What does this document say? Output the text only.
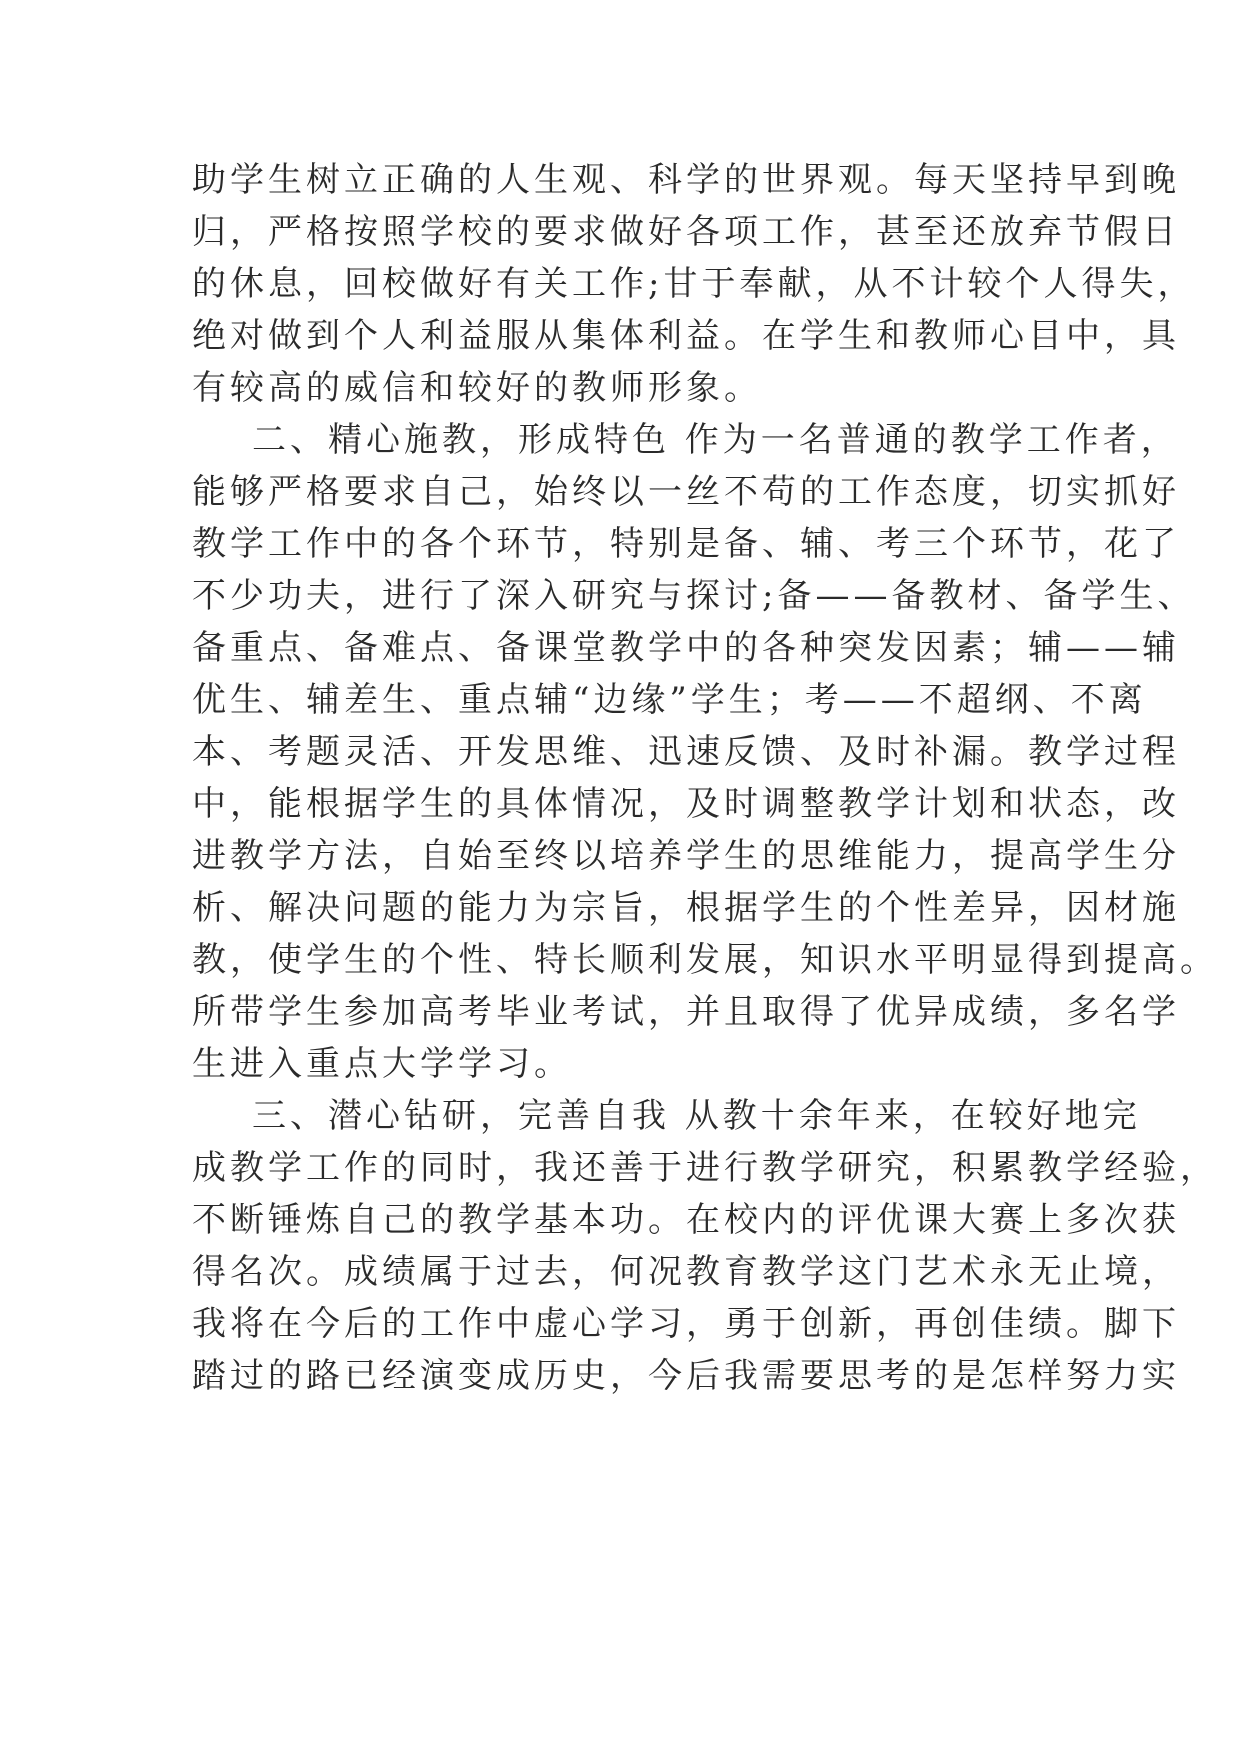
助学生树立正确的人生观、科学的世界观。每天坚持早到晚
归，严格按照学校的要求做好各项工作，甚至还放弃节假日
的休息，回校做好有关工作;甘于奉献，从不计较个人得失，
绝对做到个人利益服从集体利益。在学生和教师心目中，具
有较高的威信和较好的教师形象。
二、精心施教，形成特色 作为一名普通的教学工作者，
能够严格要求自己，始终以一丝不苟的工作态度，切实抓好
教学工作中的各个环节，特别是备、辅、考三个环节，花了
不少功夫，进行了深入研究与探讨;备——备教材、备学生、
备重点、备难点、备课堂教学中的各种突发因素；辅——辅
优生、辅差生、重点辅“边缘”学生；考——不超纲、不离
本、考题灵活、开发思维、迅速反馈、及时补漏。教学过程
中，能根据学生的具体情况，及时调整教学计划和状态，改
进教学方法，自始至终以培养学生的思维能力，提高学生分
析、解决问题的能力为宗旨，根据学生的个性差异，因材施
教，使学生的个性、特长顺利发展，知识水平明显得到提高。
所带学生参加高考毕业考试，并且取得了优异成绩，多名学
生进入重点大学学习。
三、潜心钻研，完善自我 从教十余年来，在较好地完
成教学工作的同时，我还善于进行教学研究，积累教学经验，
不断锤炼自己的教学基本功。在校内的评优课大赛上多次获
得名次。成绩属于过去，何况教育教学这门艺术永无止境，
我将在今后的工作中虚心学习，勇于创新，再创佳绩。脚下
踏过的路已经演变成历史，今后我需要思考的是怎样努力实
